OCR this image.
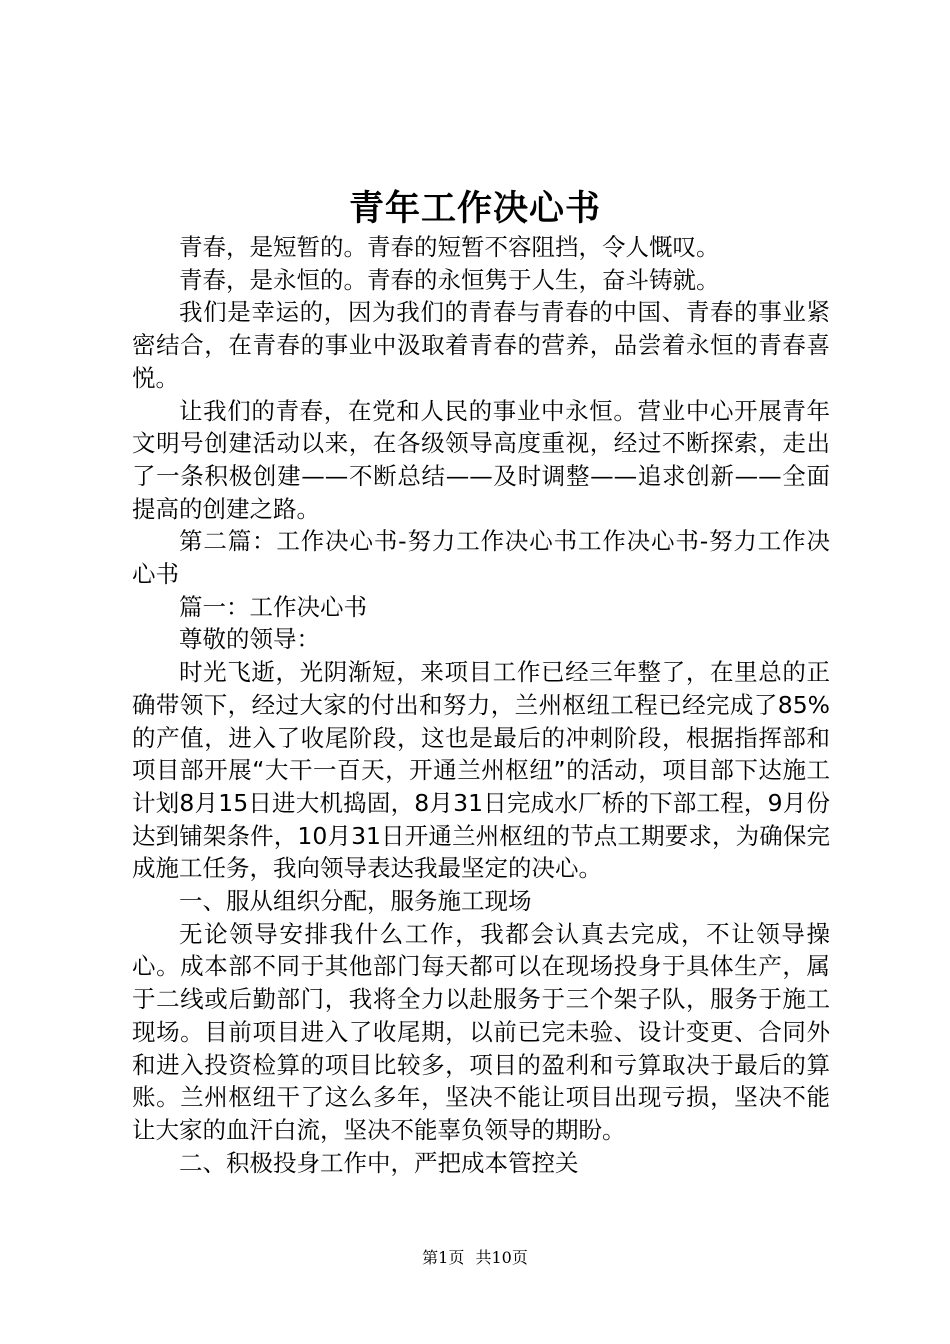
青年工作决心书

青春，是短暂的。青春的短暂不容阻挡，令人慨叹。

青春，是永恒的。青春的永恒隽于人生，奋斗铸就。

我们是幸运的，因为我们的青春与青春的中国、青春的事业紧密结合，在青春的事业中汲取着青春的营养，品尝着永恒的青春喜悦。

让我们的青春，在党和人民的事业中永恒。营业中心开展青年文明号创建活动以来，在各级领导高度重视，经过不断探索，走出了一条积极创建——不断总结——及时调整——追求创新——全面提高的创建之路。

第二篇：工作决心书-努力工作决心书工作决心书-努力工作决心书

篇一：工作决心书

尊敬的领导：

时光飞逝，光阴渐短，来项目工作已经三年整了，在里总的正确带领下，经过大家的付出和努力，兰州枢纽工程已经完成了85%的产值，进入了收尾阶段，这也是最后的冲刺阶段，根据指挥部和项目部开展“大干一百天，开通兰州枢纽”的活动，项目部下达施工计划8月15日进大机捣固，8月31日完成水厂桥的下部工程，9月份达到铺架条件，10月31日开通兰州枢纽的节点工期要求，为确保完成施工任务，我向领导表达我最坚定的决心。

一、服从组织分配，服务施工现场

无论领导安排我什么工作，我都会认真去完成，不让领导操心。成本部不同于其他部门每天都可以在现场投身于具体生产，属于二线或后勤部门，我将全力以赴服务于三个架子队，服务于施工现场。目前项目进入了收尾期，以前已完未验、设计变更、合同外和进入投资检算的项目比较多，项目的盈利和亏算取决于最后的算账。兰州枢纽干了这么多年，坚决不能让项目出现亏损，坚决不能让大家的血汗白流，坚决不能辜负领导的期盼。

二、积极投身工作中，严把成本管控关

第1页 共10页
